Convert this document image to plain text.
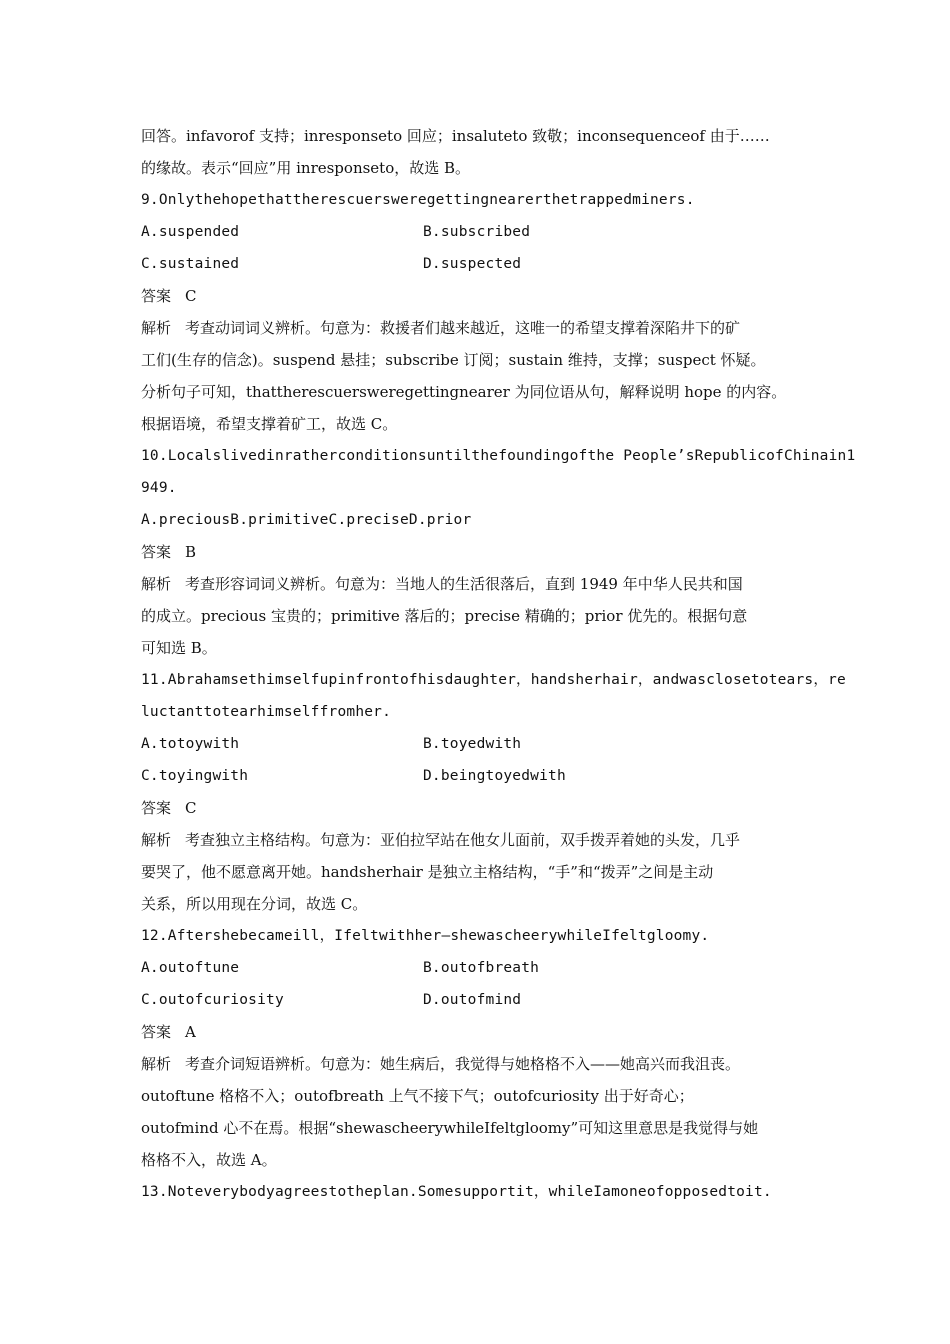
回答。infavorof 支持；inresponseto 回应；insaluteto 致敬；inconsequenceof 由于……
的缘故。表示“回应”用 inresponseto，故选 B。
9.Onlythehopethattherescuersweregettingnearerthetrappedminers.
A.suspended	B.subscribed
C.sustained	D.suspected
答案 C
解析 考查动词词义辨析。句意为：救援者们越来越近，这唯一的希望支撑着深陷井下的矿
工们(生存的信念)。suspend 悬挂；subscribe 订阅；sustain 维持，支撑；suspect 怀疑。
分析句子可知，thattherescuersweregettingnearer 为同位语从句，解释说明 hope 的内容。
根据语境，希望支撑着矿工，故选 C。
10.Localslivedinratherconditionsuntilthefoundingofthe People’sRepublicofChinain1
949.
A.preciousB.primitiveC.preciseD.prior
答案 B
解析 考查形容词词义辨析。句意为：当地人的生活很落后，直到 1949 年中华人民共和国
的成立。precious 宝贵的；primitive 落后的；precise 精确的；prior 优先的。根据句意
可知选 B。
11.Abrahamsethimselfupinfrontofhisdaughter，handsherhair，andwasclosetotears，re
luctanttotearhimselffromher.
A.totoywith	B.toyedwith
C.toyingwith	D.beingtoyedwith
答案 C
解析 考查独立主格结构。句意为：亚伯拉罕站在他女儿面前，双手拨弄着她的头发，几乎
要哭了，他不愿意离开她。handsherhair 是独立主格结构，“手”和“拨弄”之间是主动
关系，所以用现在分词，故选 C。
12.Aftershebecameill，Ifeltwithher—shewascheerywhileIfeltgloomy.
A.outoftune	B.outofbreath
C.outofcuriosity	D.outofmind
答案 A
解析 考查介词短语辨析。句意为：她生病后，我觉得与她格格不入——她高兴而我沮丧。
outoftune 格格不入；outofbreath 上气不接下气；outofcuriosity 出于好奇心；
outofmind 心不在焉。根据“shewascheerywhileIfeltgloomy”可知这里意思是我觉得与她
格格不入，故选 A。
13.Noteverybodyagreestotheplan.Somesupportit，whileIamoneofopposedtoit.
